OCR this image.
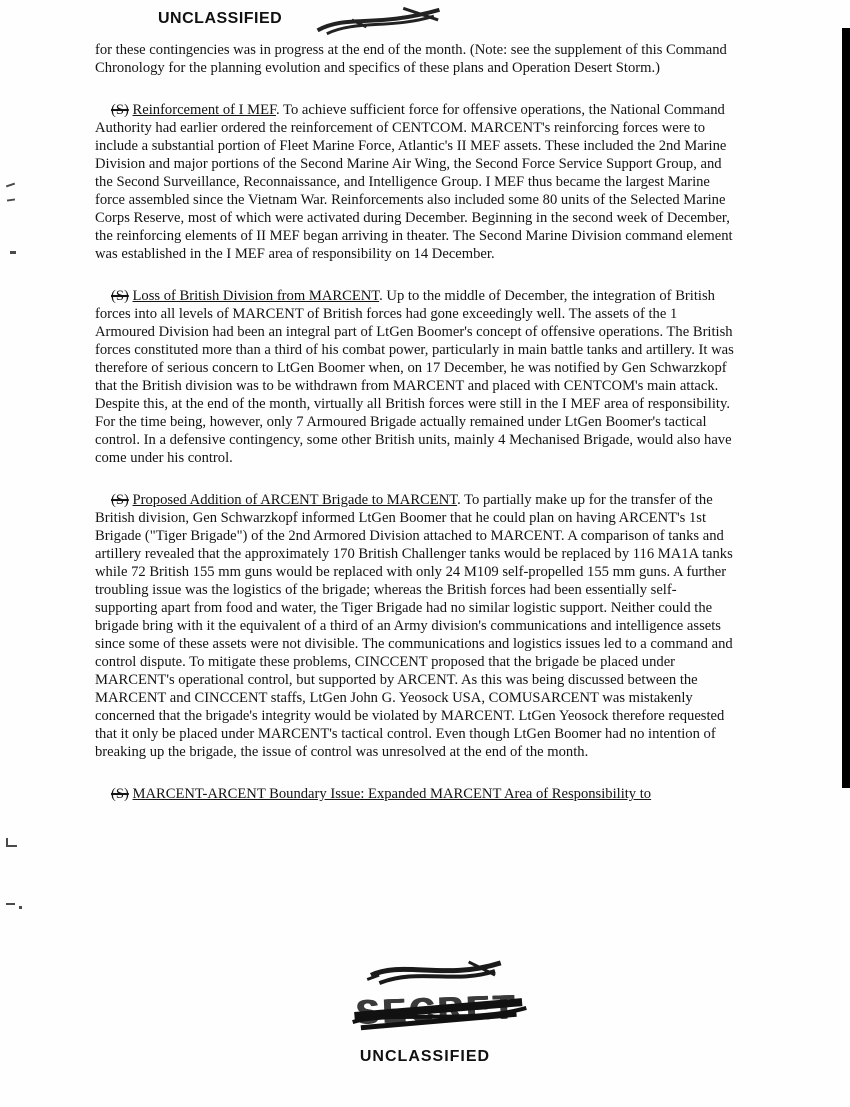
UNCLASSIFIED

for these contingencies was in progress at the end of the month. (Note: see the supplement of this Command Chronology for the planning evolution and specifics of these plans and Operation Desert Storm.)

(S) Reinforcement of I MEF. To achieve sufficient force for offensive operations, the National Command Authority had earlier ordered the reinforcement of CENTCOM. MARCENT's reinforcing forces were to include a substantial portion of Fleet Marine Force, Atlantic's II MEF assets. These included the 2nd Marine Division and major portions of the Second Marine Air Wing, the Second Force Service Support Group, and the Second Surveillance, Reconnaissance, and Intelligence Group. I MEF thus became the largest Marine force assembled since the Vietnam War. Reinforcements also included some 80 units of the Selected Marine Corps Reserve, most of which were activated during December. Beginning in the second week of December, the reinforcing elements of II MEF began arriving in theater. The Second Marine Division command element was established in the I MEF area of responsibility on 14 December.

(S) Loss of British Division from MARCENT. Up to the middle of December, the integration of British forces into all levels of MARCENT of British forces had gone exceedingly well. The assets of the 1 Armoured Division had been an integral part of LtGen Boomer's concept of offensive operations. The British forces constituted more than a third of his combat power, particularly in main battle tanks and artillery. It was therefore of serious concern to LtGen Boomer when, on 17 December, he was notified by Gen Schwarzkopf that the British division was to be withdrawn from MARCENT and placed with CENTCOM's main attack. Despite this, at the end of the month, virtually all British forces were still in the I MEF area of responsibility. For the time being, however, only 7 Armoured Brigade actually remained under LtGen Boomer's tactical control. In a defensive contingency, some other British units, mainly 4 Mechanised Brigade, would also have come under his control.

(S) Proposed Addition of ARCENT Brigade to MARCENT. To partially make up for the transfer of the British division, Gen Schwarzkopf informed LtGen Boomer that he could plan on having ARCENT's 1st Brigade ("Tiger Brigade") of the 2nd Armored Division attached to MARCENT. A comparison of tanks and artillery revealed that the approximately 170 British Challenger tanks would be replaced by 116 MA1A tanks while 72 British 155 mm guns would be replaced with only 24 M109 self-propelled 155 mm guns. A further troubling issue was the logistics of the brigade; whereas the British forces had been essentially self-supporting apart from food and water, the Tiger Brigade had no similar logistic support. Neither could the brigade bring with it the equivalent of a third of an Army division's communications and intelligence assets since some of these assets were not divisible. The communications and logistics issues led to a command and control dispute. To mitigate these problems, CINCCENT proposed that the brigade be placed under MARCENT's operational control, but supported by ARCENT. As this was being discussed between the MARCENT and CINCCENT staffs, LtGen John G. Yeosock USA, COMUSARCENT was mistakenly concerned that the brigade's integrity would be violated by MARCENT. LtGen Yeosock therefore requested that it only be placed under MARCENT's tactical control. Even though LtGen Boomer had no intention of breaking up the brigade, the issue of control was unresolved at the end of the month.

(S) MARCENT-ARCENT Boundary Issue: Expanded MARCENT Area of Responsibility to

SECRET
UNCLASSIFIED
